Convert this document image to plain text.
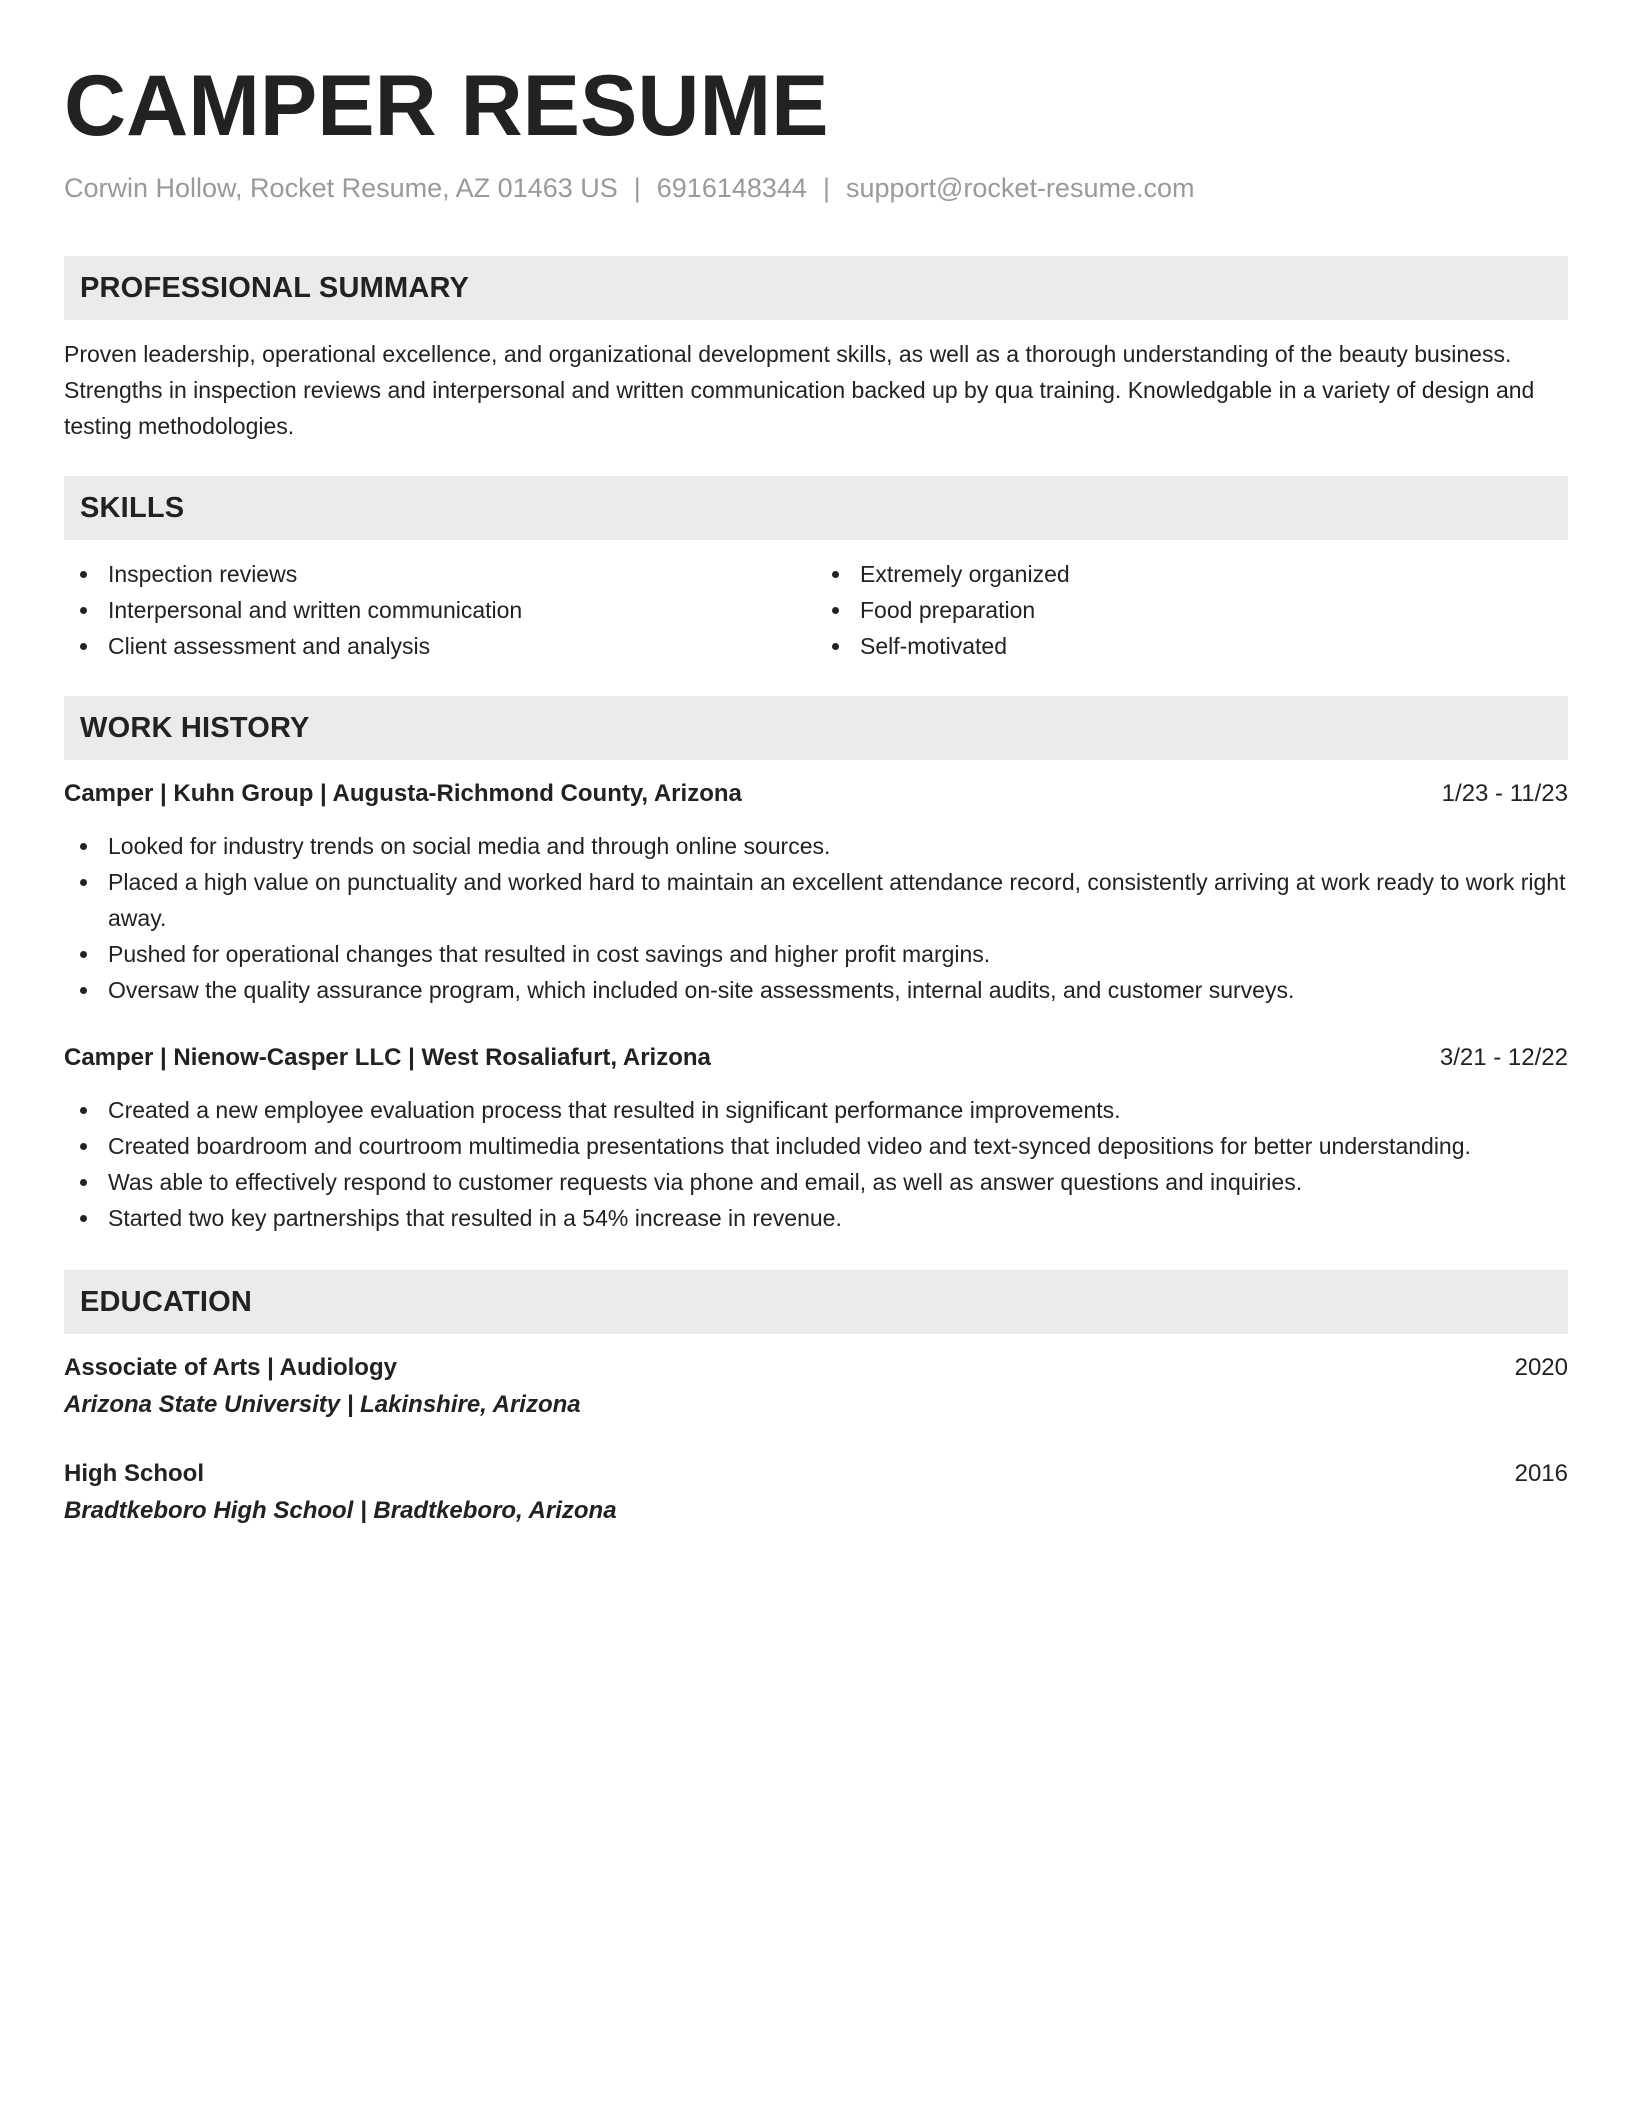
CAMPER RESUME
Corwin Hollow, Rocket Resume, AZ 01463 US | 6916148344 | support@rocket-resume.com
PROFESSIONAL SUMMARY

Proven leadership, operational excellence, and organizational development skills, as well as a thorough understanding of the beauty business. Strengths in inspection reviews and interpersonal and written communication backed up by qua training. Knowledgable in a variety of design and testing methodologies.

SKILLS
Inspection reviews
Interpersonal and written communication
Client assessment and analysis
Extremely organized
Food preparation
Self-motivated
WORK HISTORY
Camper | Kuhn Group | Augusta-Richmond County, Arizona	1/23 - 11/23
Looked for industry trends on social media and through online sources.
Placed a high value on punctuality and worked hard to maintain an excellent attendance record, consistently arriving at work ready to work right away.
Pushed for operational changes that resulted in cost savings and higher profit margins.
Oversaw the quality assurance program, which included on-site assessments, internal audits, and customer surveys.
Camper | Nienow-Casper LLC | West Rosaliafurt, Arizona	3/21 - 12/22
Created a new employee evaluation process that resulted in significant performance improvements.
Created boardroom and courtroom multimedia presentations that included video and text-synced depositions for better understanding.
Was able to effectively respond to customer requests via phone and email, as well as answer questions and inquiries.
Started two key partnerships that resulted in a 54% increase in revenue.
EDUCATION
Associate of Arts | Audiology	2020
Arizona State University | Lakinshire, Arizona
High School	2016
Bradtkeboro High School | Bradtkeboro, Arizona
